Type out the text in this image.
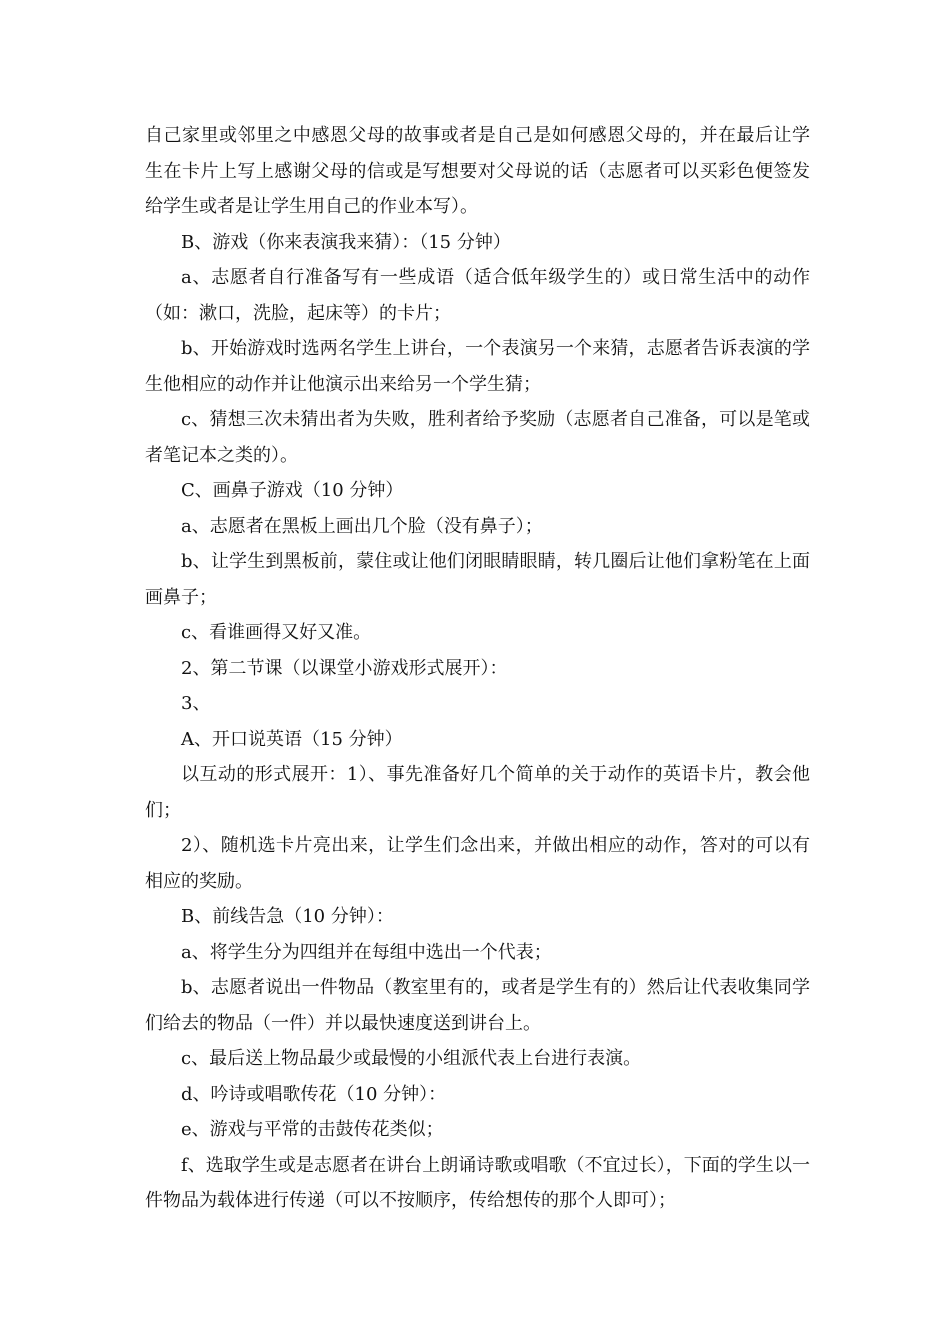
自己家里或邻里之中感恩父母的故事或者是自己是如何感恩父母的，并在最后让学生在卡片上写上感谢父母的信或是写想要对父母说的话（志愿者可以买彩色便签发给学生或者是让学生用自己的作业本写）。

B、游戏（你来表演我来猜）：（15 分钟）

a、志愿者自行准备写有一些成语（适合低年级学生的）或日常生活中的动作（如：漱口，洗脸，起床等）的卡片；

b、开始游戏时选两名学生上讲台，一个表演另一个来猜，志愿者告诉表演的学生他相应的动作并让他演示出来给另一个学生猜；

c、猜想三次未猜出者为失败，胜利者给予奖励（志愿者自己准备，可以是笔或者笔记本之类的）。

C、画鼻子游戏（10 分钟）

a、志愿者在黑板上画出几个脸（没有鼻子）；

b、让学生到黑板前，蒙住或让他们闭眼睛眼睛，转几圈后让他们拿粉笔在上面画鼻子；

c、看谁画得又好又准。

2、第二节课（以课堂小游戏形式展开）：

3、

A、开口说英语（15 分钟）

以互动的形式展开：1）、事先准备好几个简单的关于动作的英语卡片，教会他们；

2）、随机选卡片亮出来，让学生们念出来，并做出相应的动作，答对的可以有相应的奖励。

B、前线告急（10 分钟）：

a、将学生分为四组并在每组中选出一个代表；

b、志愿者说出一件物品（教室里有的，或者是学生有的）然后让代表收集同学们给去的物品（一件）并以最快速度送到讲台上。

c、最后送上物品最少或最慢的小组派代表上台进行表演。

d、吟诗或唱歌传花（10 分钟）：

e、游戏与平常的击鼓传花类似；

f、选取学生或是志愿者在讲台上朗诵诗歌或唱歌（不宜过长），下面的学生以一件物品为载体进行传递（可以不按顺序，传给想传的那个人即可）；
